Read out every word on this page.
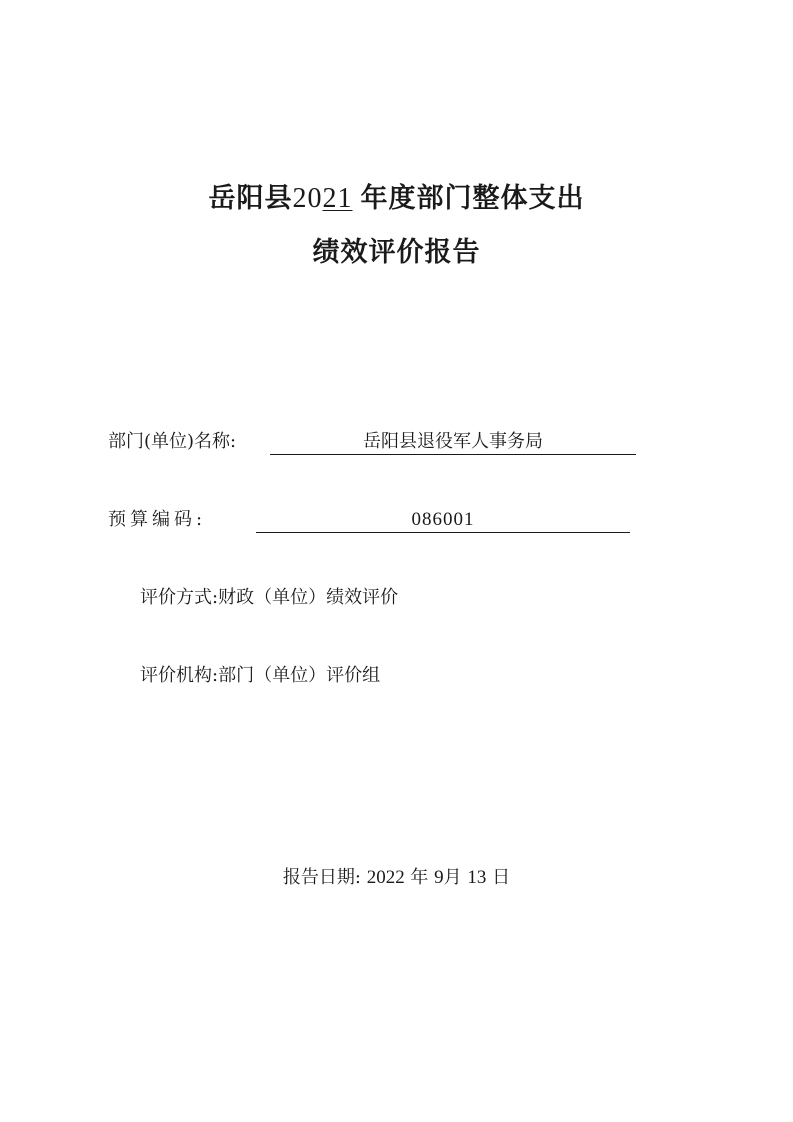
岳阳县2021 年度部门整体支出
绩效评价报告
部门(单位)名称:	岳阳县退役军人事务局
预算编码:	086001
评价方式:财政（单位）绩效评价
评价机构:部门（单位）评价组
报告日期: 2022 年 9月 13 日
